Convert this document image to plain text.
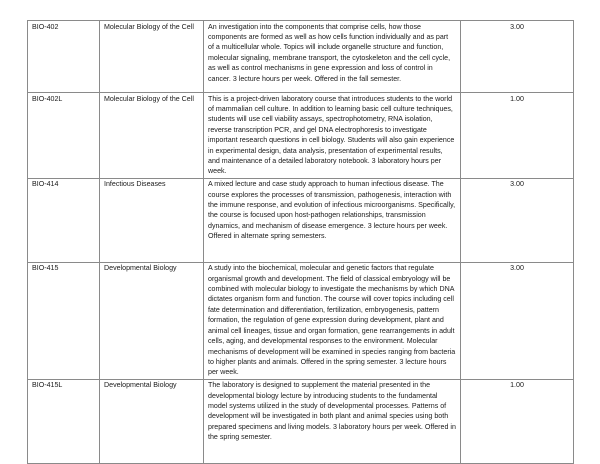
BIO-402	Molecular Biology of the Cell	An investigation into the components that comprise cells, how those components are formed as well as how cells function individually and as part of a multicellular whole. Topics will include organelle structure and function, molecular signaling, membrane transport, the cytoskeleton and the cell cycle, as well as control mechanisms in gene expression and loss of control in cancer. 3 lecture hours per week. Offered in the fall semester.	3.00
BIO-402L	Molecular Biology of the Cell	This is a project-driven laboratory course that introduces students to the world of mammalian cell culture. In addition to learning basic cell culture techniques, students will use cell viability assays, spectrophotometry, RNA isolation, reverse transcription PCR, and gel DNA electrophoresis to investigate important research questions in cell biology. Students will also gain experience in experimental design, data analysis, presentation of experimental results, and maintenance of a detailed laboratory notebook. 3 laboratory hours per week.	1.00
BIO-414	Infectious Diseases	A mixed lecture and case study approach to human infectious disease. The course explores the processes of transmission, pathogenesis, interaction with the immune response, and evolution of infectious microorganisms. Specifically, the course is focused upon host-pathogen relationships, transmission dynamics, and mechanism of disease emergence. 3 lecture hours per week. Offered in alternate spring semesters.	3.00
BIO-415	Developmental Biology	A study into the biochemical, molecular and genetic factors that regulate organismal growth and development. The field of classical embryology will be combined with molecular biology to investigate the mechanisms by which DNA dictates organism form and function. The course will cover topics including cell fate determination and differentiation, fertilization, embryogenesis, pattern formation, the regulation of gene expression during development, plant and animal cell lineages, tissue and organ formation, gene rearrangements in adult cells, aging, and developmental responses to the environment. Molecular mechanisms of development will be examined in species ranging from bacteria to higher plants and animals. Offered in the spring semester. 3 lecture hours per week.	3.00
BIO-415L	Developmental Biology	The laboratory is designed to supplement the material presented in the developmental biology lecture by introducing students to the fundamental model systems utilized in the study of developmental processes. Patterns of development will be investigated in both plant and animal species using both prepared specimens and living models. 3 laboratory hours per week. Offered in the spring semester.	1.00
